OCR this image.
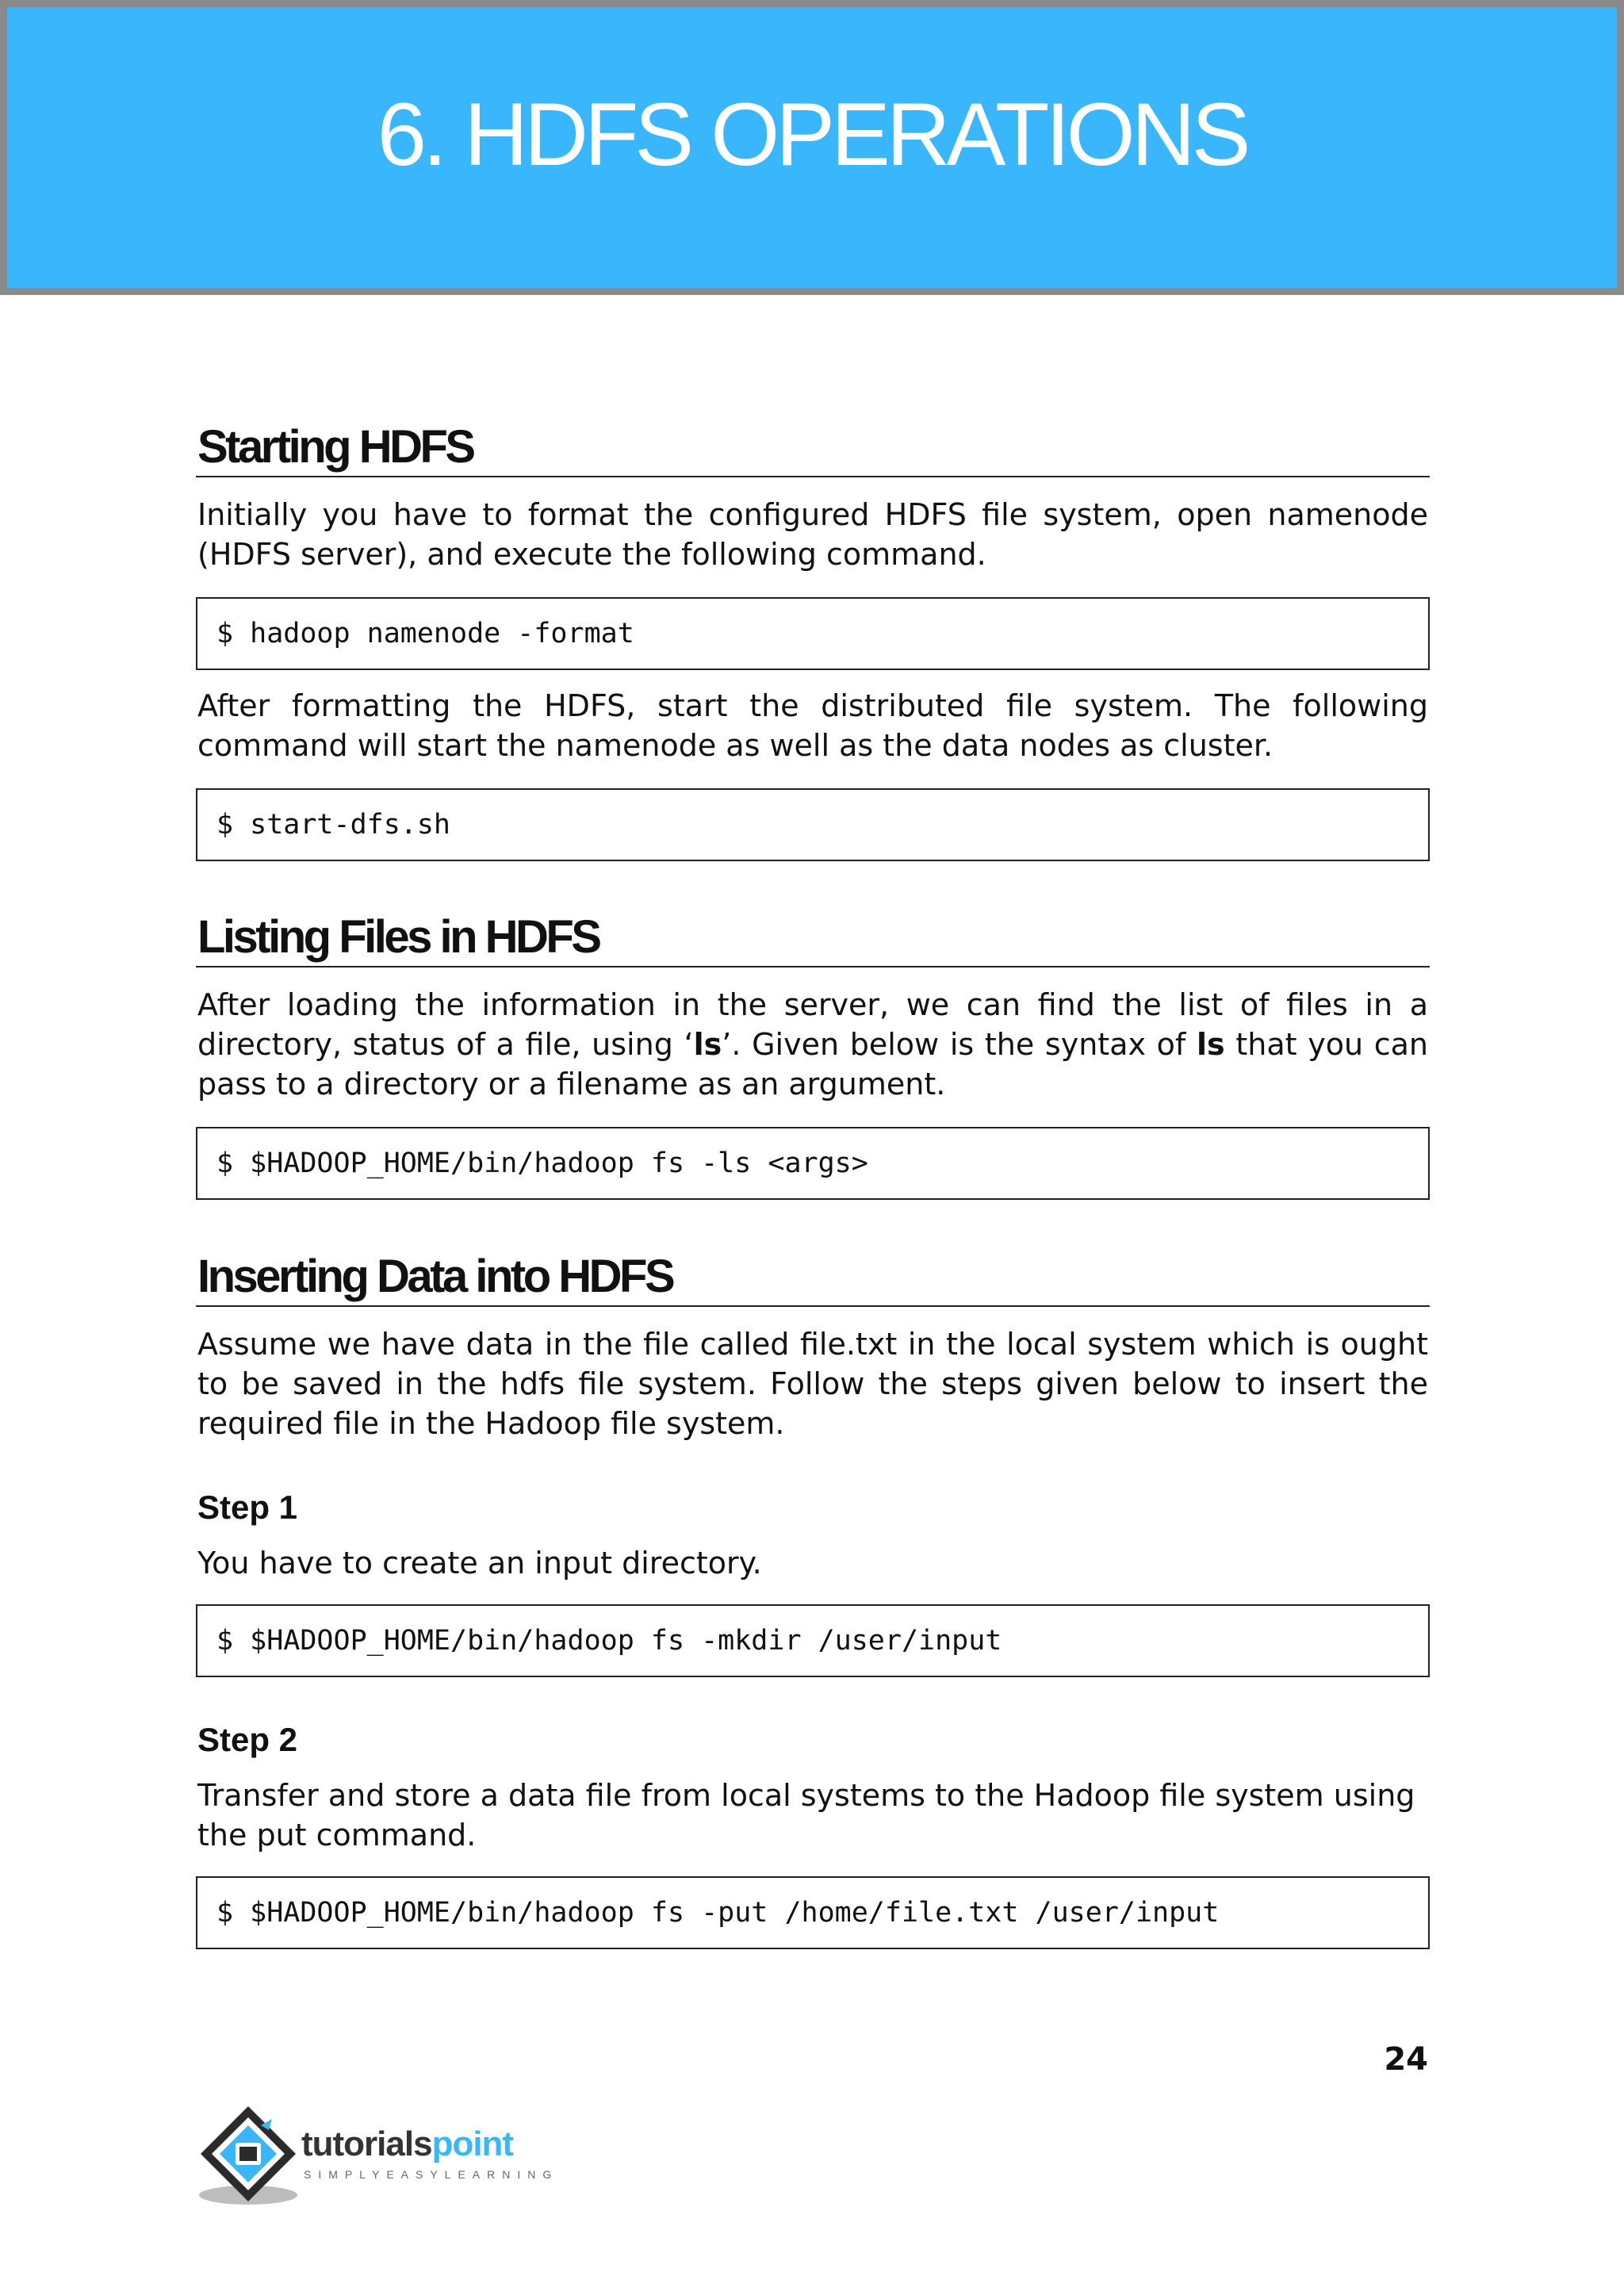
6. HDFS OPERATIONS
Starting HDFS

Initially you have to format the configured HDFS file system, open namenode (HDFS server), and execute the following command.

$ hadoop namenode -format

After formatting the HDFS, start the distributed file system. The following command will start the namenode as well as the data nodes as cluster.

$ start-dfs.sh
Listing Files in HDFS

After loading the information in the server, we can find the list of files in a directory, status of a file, using ‘ls’. Given below is the syntax of ls that you can pass to a directory or a filename as an argument.

$ $HADOOP_HOME/bin/hadoop fs -ls <args>
Inserting Data into HDFS

Assume we have data in the file called file.txt in the local system which is ought to be saved in the hdfs file system. Follow the steps given below to insert the required file in the Hadoop file system.

Step 1

You have to create an input directory.

$ $HADOOP_HOME/bin/hadoop fs -mkdir /user/input
Step 2

Transfer and store a data file from local systems to the Hadoop file system using the put command.

$ $HADOOP_HOME/bin/hadoop fs -put /home/file.txt /user/input
24
tutorialspoint
SIMPLYEASYLEARNING
